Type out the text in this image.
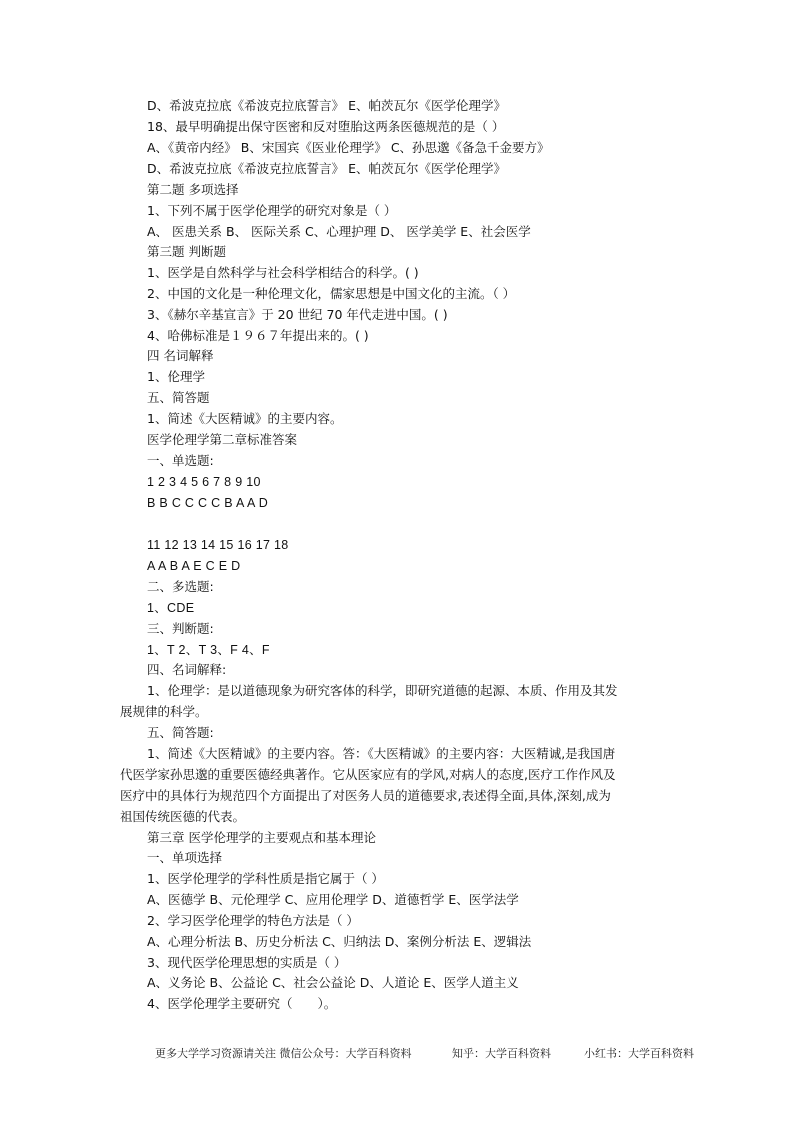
D、希波克拉底《希波克拉底誓言》 E、帕茨瓦尔《医学伦理学》
18、最早明确提出保守医密和反对堕胎这两条医德规范的是（ ）
A、《黄帝内经》 B、宋国宾《医业伦理学》 C、孙思邈《备急千金要方》
D、希波克拉底《希波克拉底誓言》 E、帕茨瓦尔《医学伦理学》
第二题 多项选择
1、下列不属于医学伦理学的研究对象是（ ）
A、 医患关系 B、 医际关系 C、心理护理 D、 医学美学 E、社会医学
第三题 判断题
1、医学是自然科学与社会科学相结合的科学。( )
2、中国的文化是一种伦理文化，儒家思想是中国文化的主流。（ ）
3、《赫尔辛基宣言》于 20 世纪 70 年代走进中国。( )
4、哈佛标准是１９６７年提出来的。( )
四 名词解释
1、伦理学
五、简答题
1、简述《大医精诚》的主要内容。
医学伦理学第二章标准答案
一、单选题:
1 2 3 4 5 6 7 8 9 10
B B C C C C B A A D
11 12 13 14 15 16 17 18
A A B A E C E D
二、多选题:
1、CDE
三、判断题:
1、T 2、T 3、F 4、F
四、名词解释:
1、伦理学：是以道德现象为研究客体的科学，即研究道德的起源、本质、作用及其发
展规律的科学。
五、简答题:
1、简述《大医精诚》的主要内容。答：《大医精诚》的主要内容：大医精诚,是我国唐
代医学家孙思邈的重要医德经典著作。它从医家应有的学风,对病人的态度,医疗工作作风及
医疗中的具体行为规范四个方面提出了对医务人员的道德要求,表述得全面,具体,深刻,成为
祖国传统医德的代表。
第三章 医学伦理学的主要观点和基本理论
一、单项选择
1、医学伦理学的学科性质是指它属于（ ）
A、医德学 B、元伦理学 C、应用伦理学 D、道德哲学 E、医学法学
2、学习医学伦理学的特色方法是（ ）
A、心理分析法 B、历史分析法 C、归纳法 D、案例分析法 E、逻辑法
3、现代医学伦理思想的实质是（ ）
A、义务论 B、公益论 C、社会公益论 D、人道论 E、医学人道主义
4、医学伦理学主要研究（　　）。
更多大学学习资源请关注 微信公众号：大学百科资料	知乎：大学百科资料	小红书：大学百科资料
